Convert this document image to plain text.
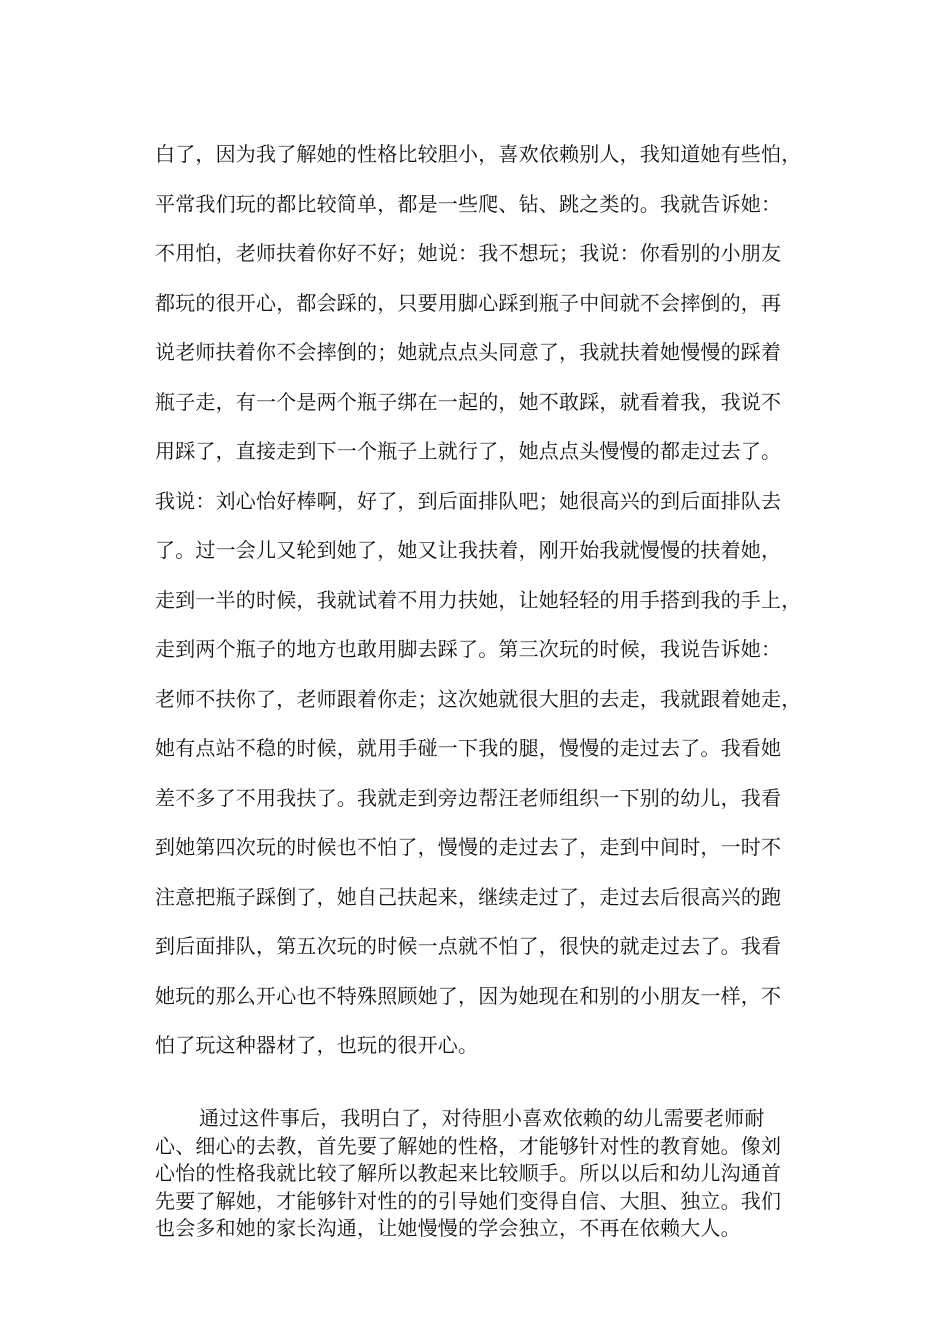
白了，因为我了解她的性格比较胆小，喜欢依赖别人，我知道她有些怕，
平常我们玩的都比较简单，都是一些爬、钻、跳之类的。我就告诉她：
不用怕，老师扶着你好不好；她说：我不想玩；我说：你看别的小朋友
都玩的很开心，都会踩的，只要用脚心踩到瓶子中间就不会摔倒的，再
说老师扶着你不会摔倒的；她就点点头同意了，我就扶着她慢慢的踩着
瓶子走，有一个是两个瓶子绑在一起的，她不敢踩，就看着我，我说不
用踩了，直接走到下一个瓶子上就行了，她点点头慢慢的都走过去了。
我说：刘心怡好棒啊，好了，到后面排队吧；她很高兴的到后面排队去
了。过一会儿又轮到她了，她又让我扶着，刚开始我就慢慢的扶着她，
走到一半的时候，我就试着不用力扶她，让她轻轻的用手搭到我的手上，
走到两个瓶子的地方也敢用脚去踩了。第三次玩的时候，我说告诉她：
老师不扶你了，老师跟着你走；这次她就很大胆的去走，我就跟着她走，
她有点站不稳的时候，就用手碰一下我的腿，慢慢的走过去了。我看她
差不多了不用我扶了。我就走到旁边帮汪老师组织一下别的幼儿，我看
到她第四次玩的时候也不怕了，慢慢的走过去了，走到中间时，一时不
注意把瓶子踩倒了，她自己扶起来，继续走过了，走过去后很高兴的跑
到后面排队，第五次玩的时候一点就不怕了，很快的就走过去了。我看
她玩的那么开心也不特殊照顾她了，因为她现在和别的小朋友一样，不
怕了玩这种器材了，也玩的很开心。
通过这件事后，我明白了，对待胆小喜欢依赖的幼儿需要老师耐
心、细心的去教，首先要了解她的性格，才能够针对性的教育她。像刘
心怡的性格我就比较了解所以教起来比较顺手。所以以后和幼儿沟通首
先要了解她，才能够针对性的的引导她们变得自信、大胆、独立。我们
也会多和她的家长沟通，让她慢慢的学会独立，不再在依赖大人。
